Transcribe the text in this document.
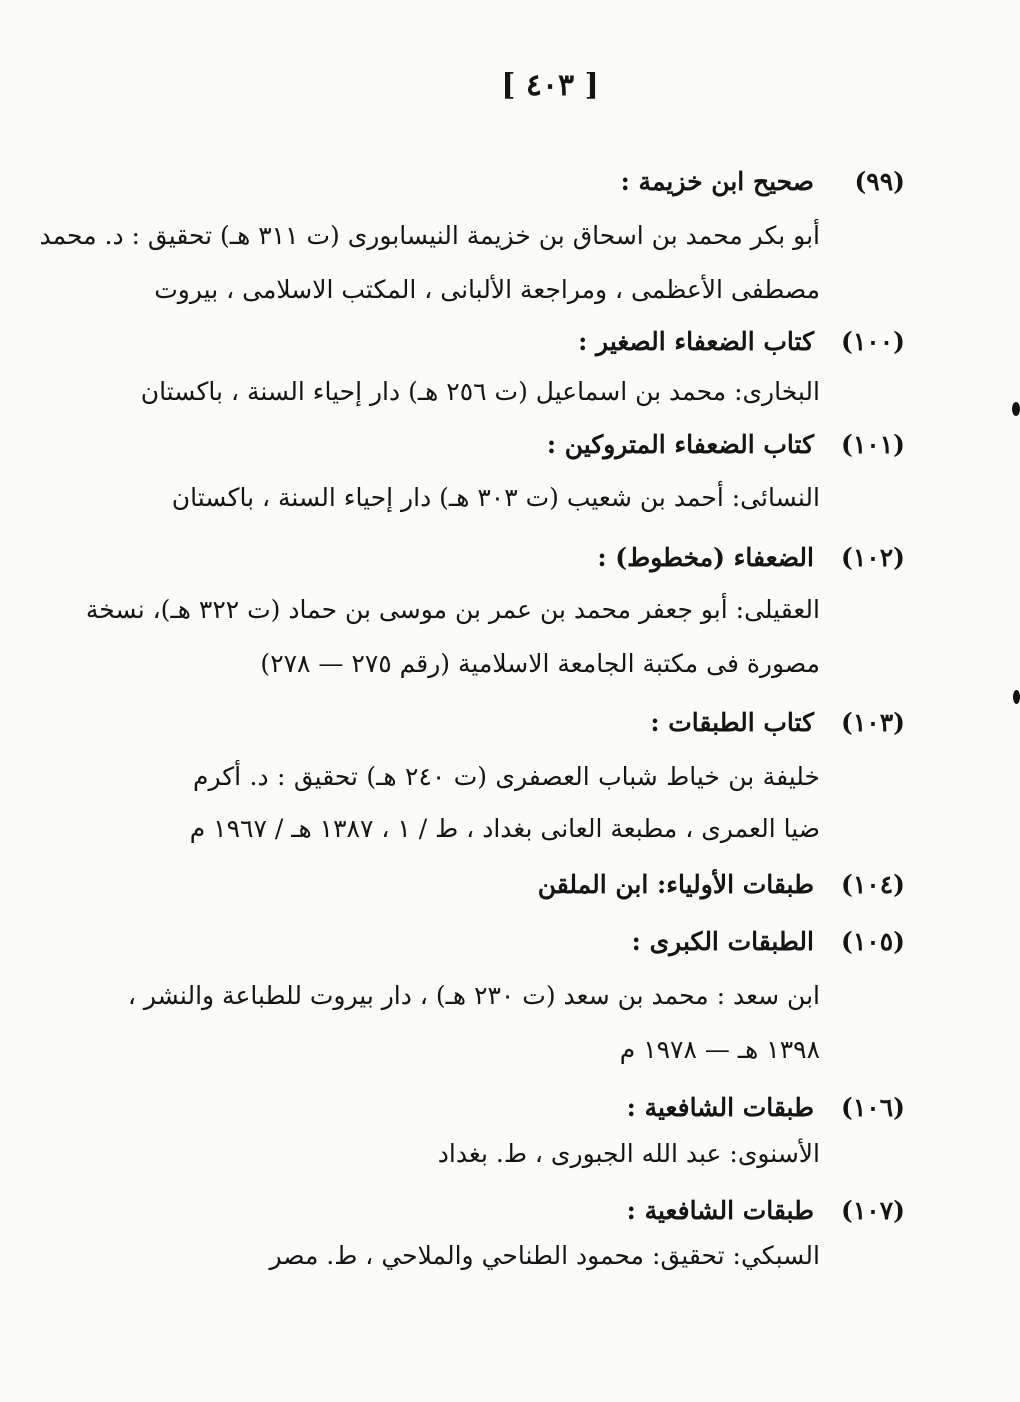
[ ٤٠٣ ]
(٩٩)
صحيح ابن خزيمة :
أبو بكر محمد بن اسحاق بن خزيمة النيسابورى (ت ٣١١ هـ) تحقيق : د. محمد
مصطفى الأعظمى ، ومراجعة الألبانى ، المكتب الاسلامى ، بيروت
(١٠٠)
كتاب الضعفاء الصغير :
البخارى: محمد بن اسماعيل (ت ٢٥٦ هـ) دار إحياء السنة ، باكستان
(١٠١)
كتاب الضعفاء المتروكين :
النسائى: أحمد بن شعيب (ت ٣٠٣ هـ) دار إحياء السنة ، باكستان
(١٠٢)
الضعفاء (مخطوط) :
العقيلى: أبو جعفر محمد بن عمر بن موسى بن حماد (ت ٣٢٢ هـ)، نسخة
مصورة فى مكتبة الجامعة الاسلامية (رقم ٢٧٥ — ٢٧٨)
(١٠٣)
كتاب الطبقات :
خليفة بن خياط شباب العصفرى (ت ٢٤٠ هـ) تحقيق : د. أكرم
ضيا العمرى ، مطبعة العانى بغداد ، ط / ١ ، ١٣٨٧ هـ / ١٩٦٧ م
(١٠٤)
طبقات الأولياء: ابن الملقن
(١٠٥)
الطبقات الكبرى :
ابن سعد : محمد بن سعد (ت ٢٣٠ هـ) ، دار بيروت للطباعة والنشر ،
١٣٩٨ هـ — ١٩٧٨ م
(١٠٦)
طبقات الشافعية :
الأسنوى: عبد الله الجبورى ، ط. بغداد
(١٠٧)
طبقات الشافعية :
السبكي: تحقيق: محمود الطناحي والملاحي ، ط. مصر
